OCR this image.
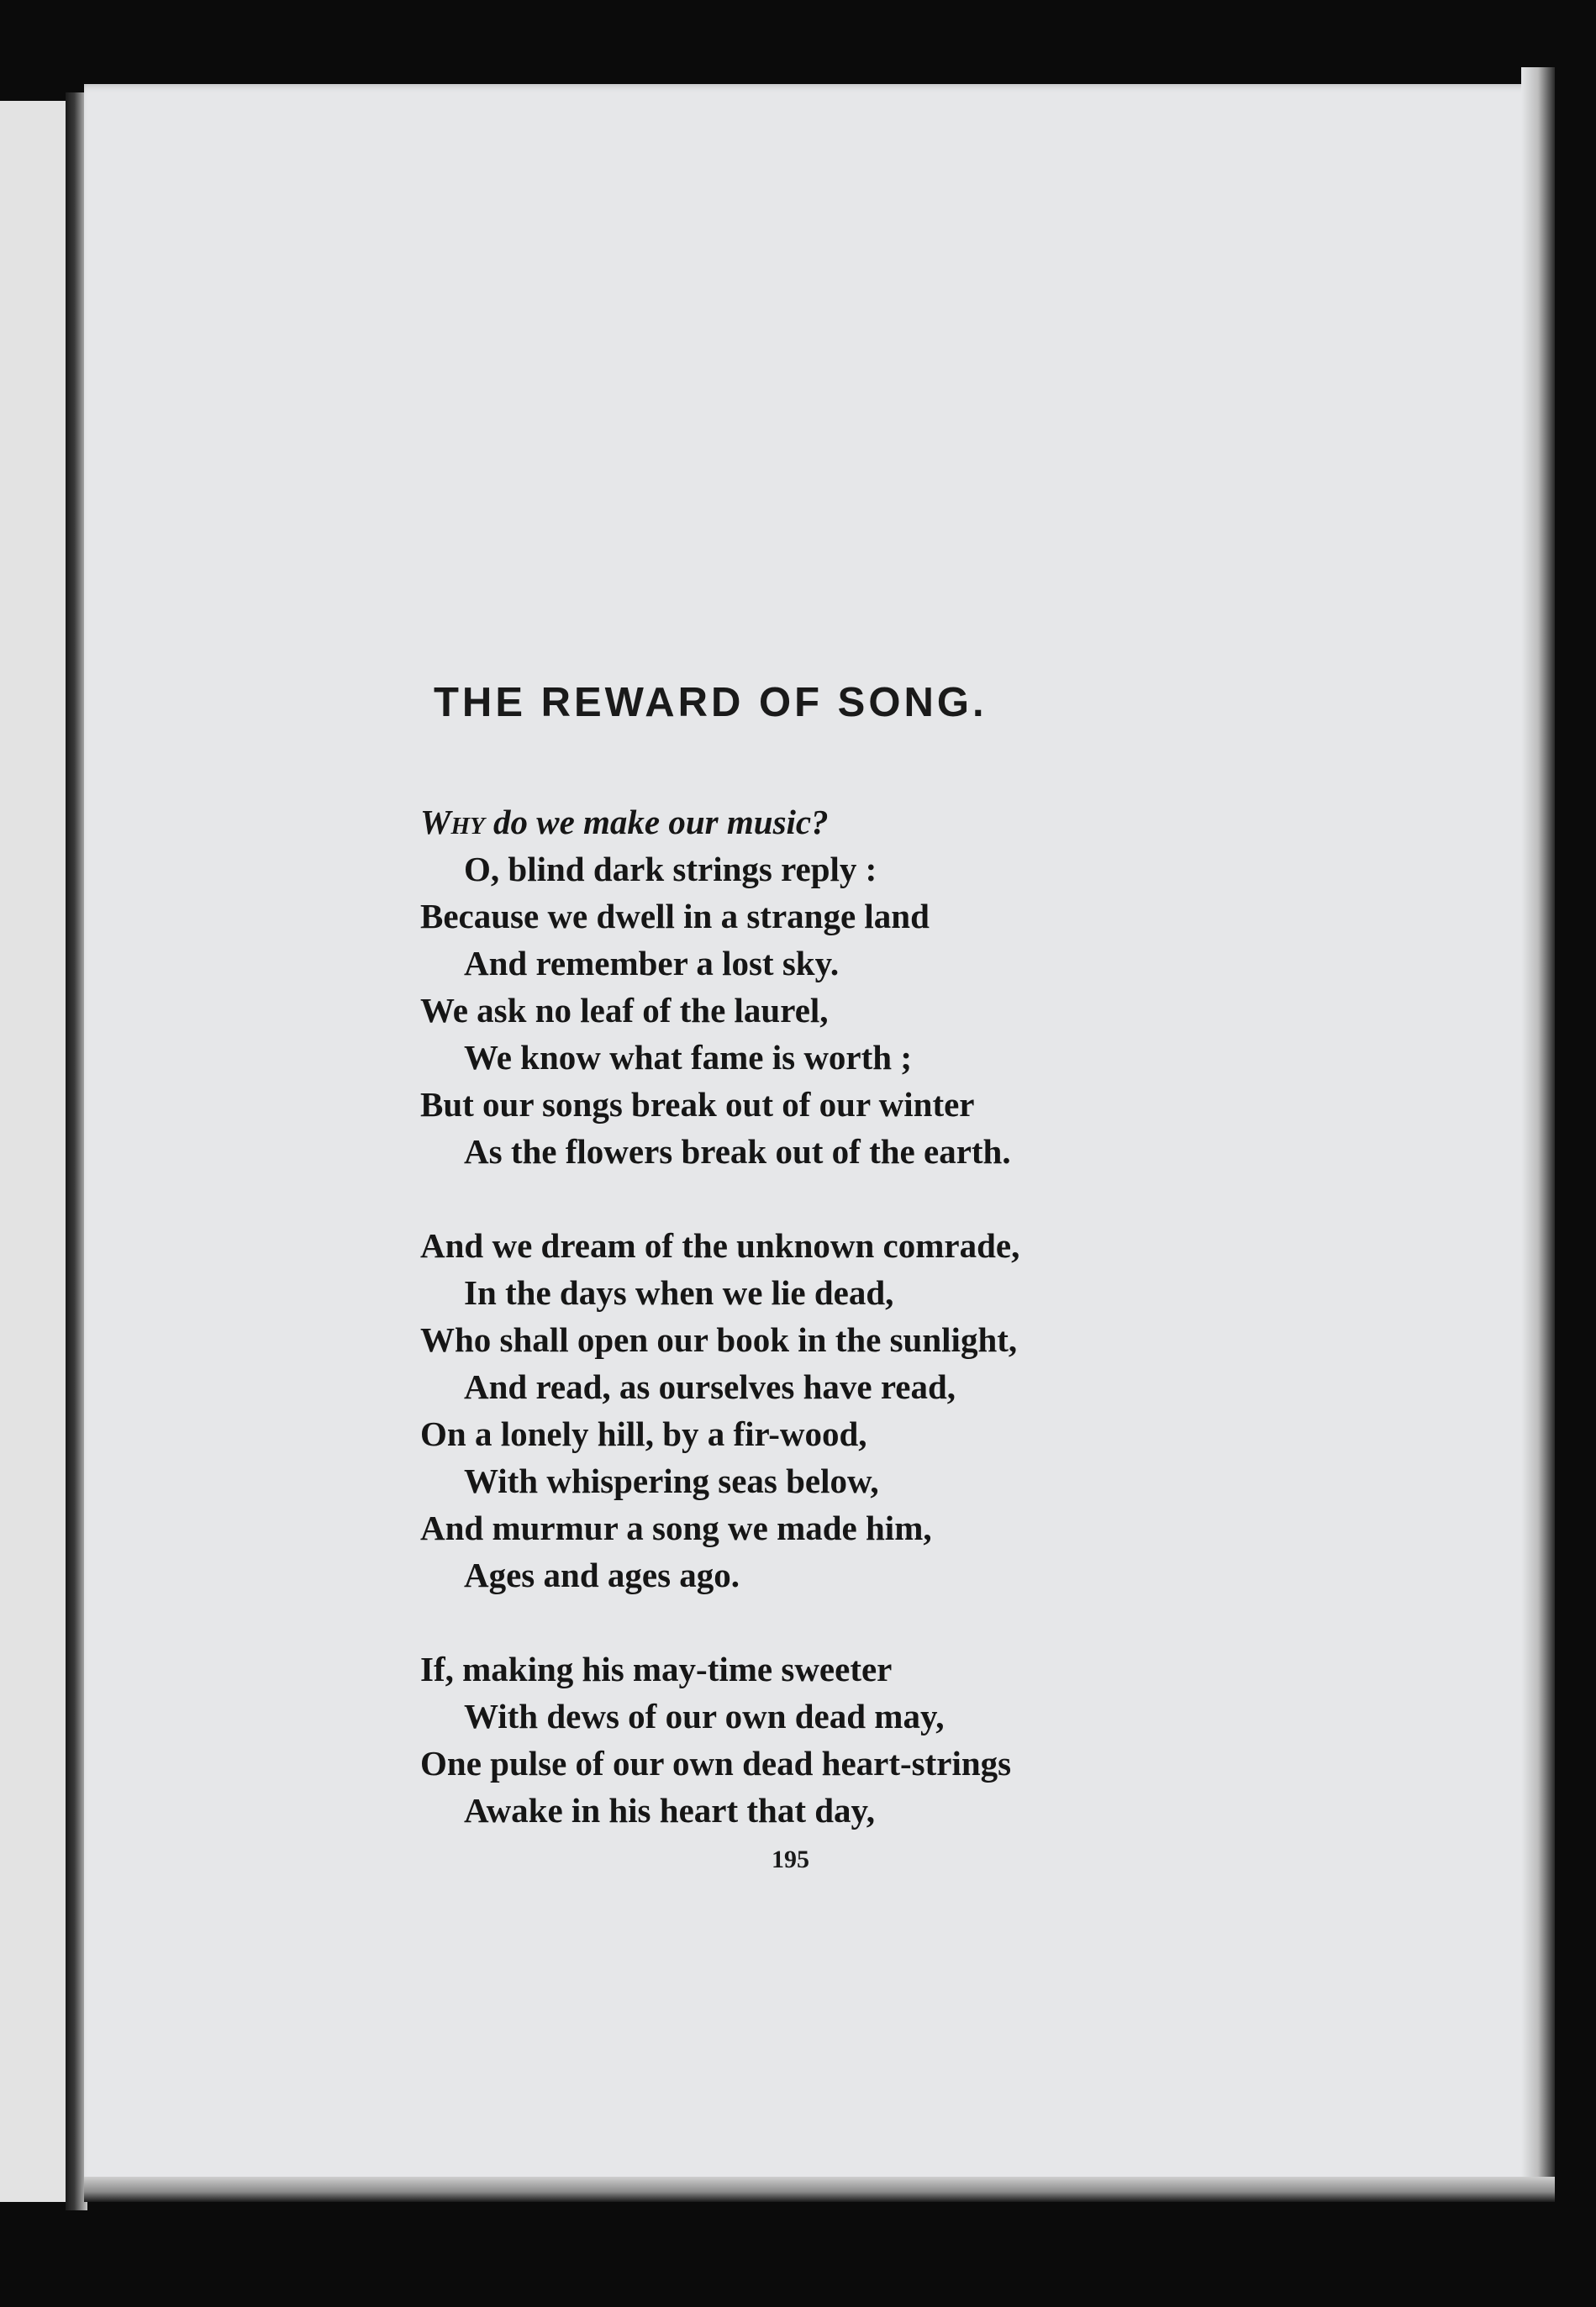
THE REWARD OF SONG.
Why do we make our music?
O, blind dark strings reply :
Because we dwell in a strange land
And remember a lost sky.
We ask no leaf of the laurel,
We know what fame is worth ;
But our songs break out of our winter
As the flowers break out of the earth.
And we dream of the unknown comrade,
In the days when we lie dead,
Who shall open our book in the sunlight,
And read, as ourselves have read,
On a lonely hill, by a fir-wood,
With whispering seas below,
And murmur a song we made him,
Ages and ages ago.
If, making his may-time sweeter
With dews of our own dead may,
One pulse of our own dead heart-strings
Awake in his heart that day,
195
